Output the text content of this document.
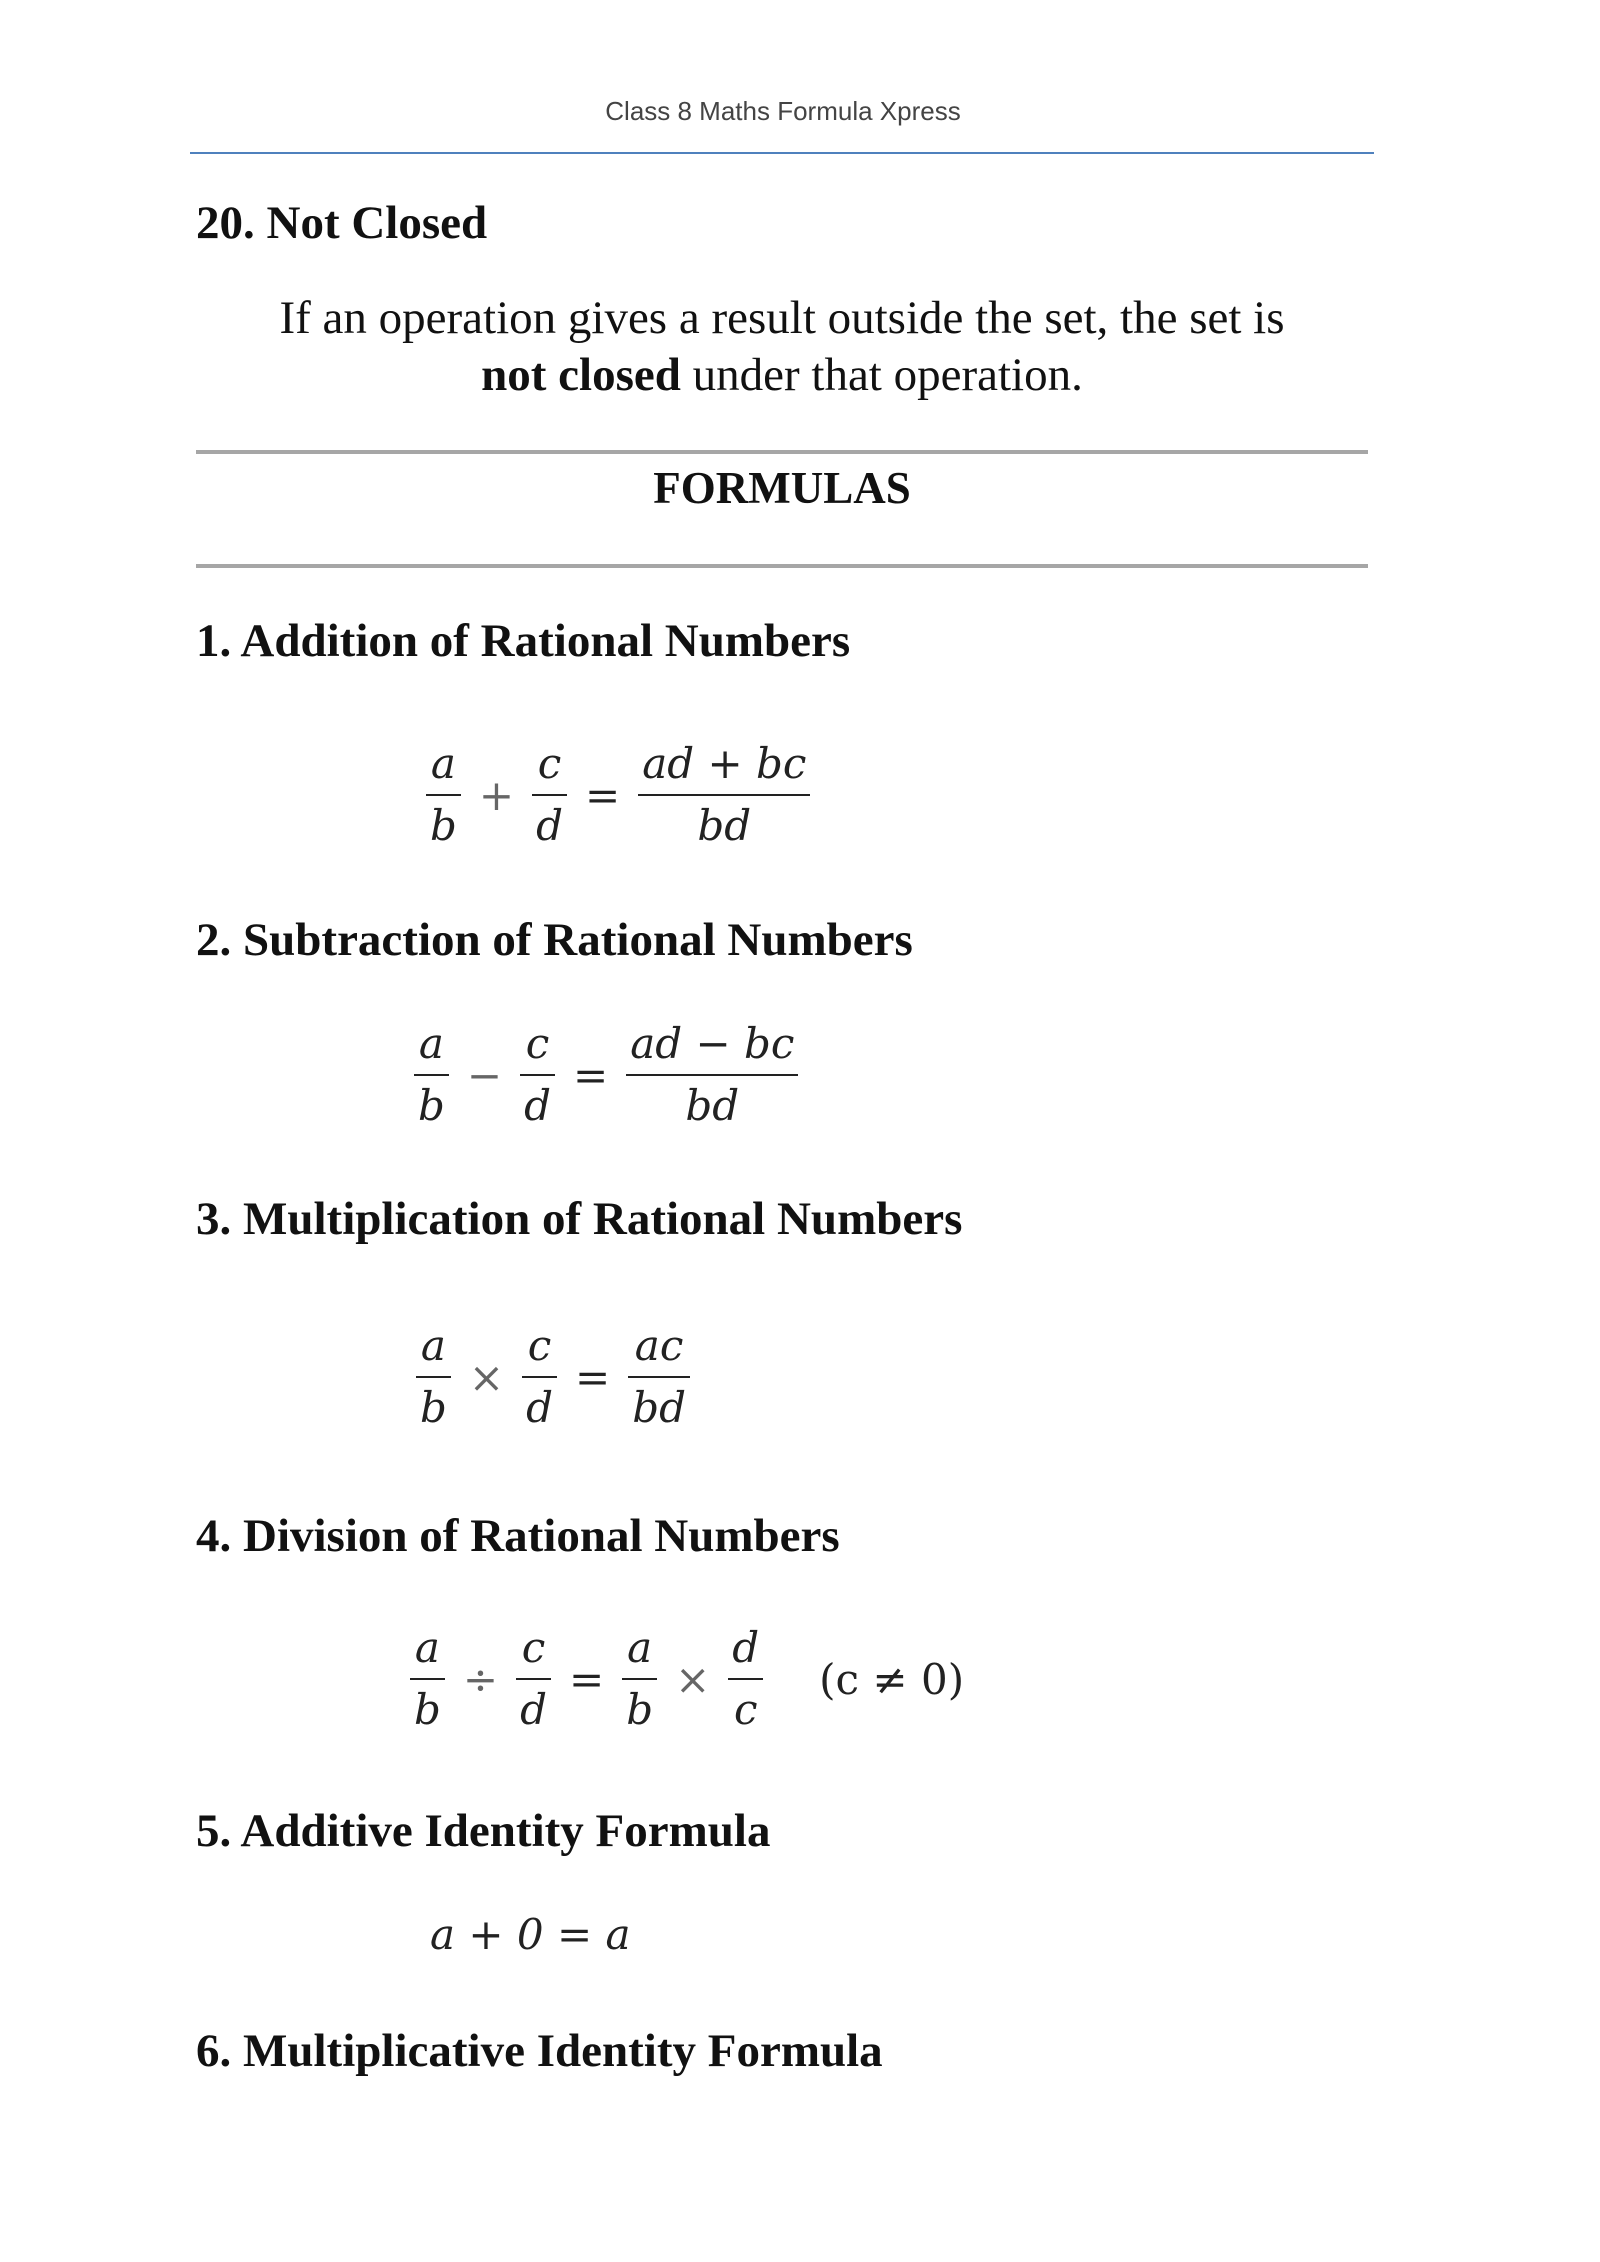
Class 8 Maths Formula Xpress
20. Not Closed
If an operation gives a result outside the set, the set is
not closed under that operation.
FORMULAS
1. Addition of Rational Numbers
$\frac{a}{b} + \frac{c}{d} = \frac{ad + bc}{bd}$
2. Subtraction of Rational Numbers
$\frac{a}{b} - \frac{c}{d} = \frac{ad - bc}{bd}$
3. Multiplication of Rational Numbers
$\frac{a}{b} \times \frac{c}{d} = \frac{ac}{bd}$
4. Division of Rational Numbers
$\frac{a}{b} \div \frac{c}{d} = \frac{a}{b} \times \frac{d}{c} (c \ne 0)$
5. Additive Identity Formula
a + 0 = a
6. Multiplicative Identity Formula
